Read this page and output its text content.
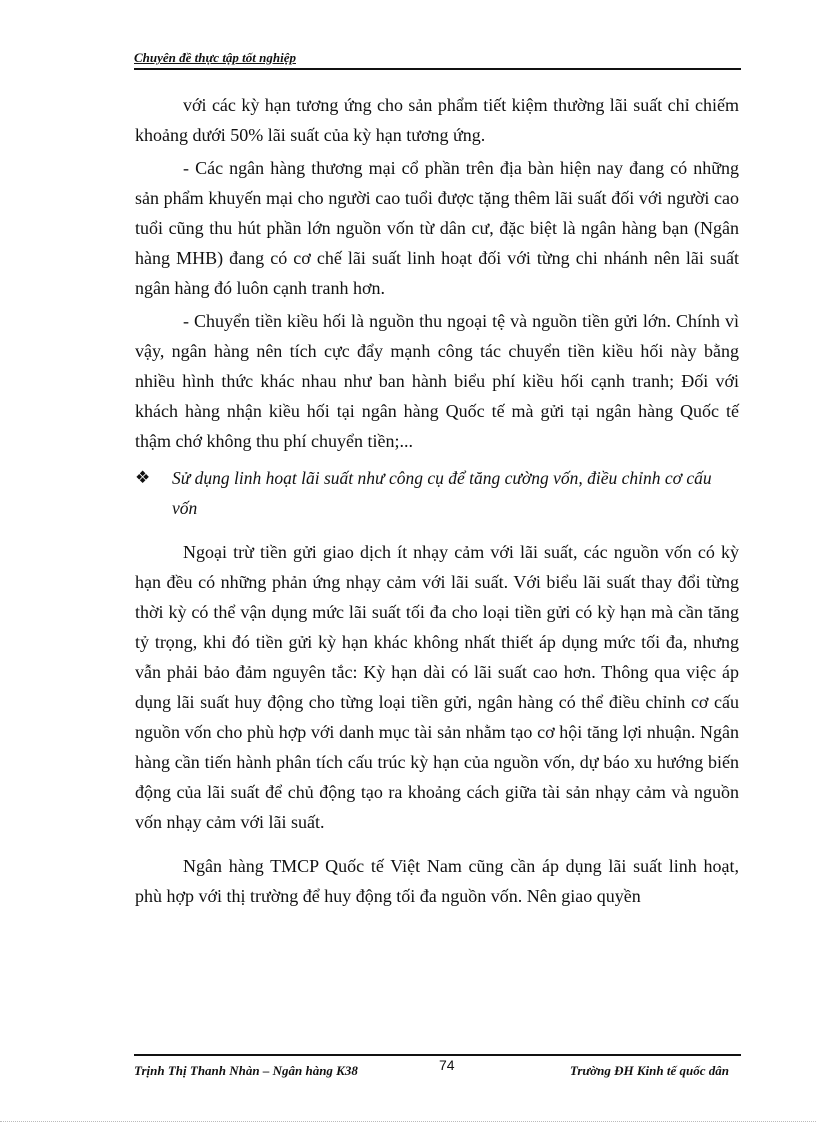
Chuyên đề thực tập tốt nghiệp

với các kỳ hạn tương ứng cho sản phẩm tiết kiệm thường lãi suất chỉ chiếm khoảng dưới 50% lãi suất của kỳ hạn tương ứng.

- Các ngân hàng thương mại cổ phần trên địa bàn hiện nay đang có những sản phẩm khuyến mại cho người cao tuổi được tặng thêm lãi suất đối với người cao tuổi cũng thu hút phần lớn nguồn vốn từ dân cư, đặc biệt là ngân hàng bạn (Ngân hàng MHB) đang có cơ chế lãi suất linh hoạt đối với từng chi nhánh nên lãi suất ngân hàng đó luôn cạnh tranh hơn.

- Chuyển tiền kiều hối là nguồn thu ngoại tệ và nguồn tiền gửi lớn. Chính vì vậy, ngân hàng nên tích cực đẩy mạnh công tác chuyển tiền kiều hối này bằng nhiều hình thức khác nhau như ban hành biểu phí kiều hối cạnh tranh; Đối với khách hàng nhận kiều hối tại ngân hàng Quốc tế mà gửi tại ngân hàng Quốc tế thậm chớ không thu phí chuyển tiền;...

❖ Sử dụng linh hoạt lãi suất như công cụ để tăng cường vốn, điều chỉnh cơ cấu vốn

Ngoại trừ tiền gửi giao dịch ít nhạy cảm với lãi suất, các nguồn vốn có kỳ hạn đều có những phản ứng nhạy cảm với lãi suất. Với biểu lãi suất thay đổi từng thời kỳ có thể vận dụng mức lãi suất tối đa cho loại tiền gửi có kỳ hạn mà cần tăng tỷ trọng, khi đó tiền gửi kỳ hạn khác không nhất thiết áp dụng mức tối đa, nhưng vẫn phải bảo đảm nguyên tắc: Kỳ hạn dài có lãi suất cao hơn. Thông qua việc áp dụng lãi suất huy động cho từng loại tiền gửi, ngân hàng có thể điều chỉnh cơ cấu nguồn vốn cho phù hợp với danh mục tài sản nhằm tạo cơ hội tăng lợi nhuận. Ngân hàng cần tiến hành phân tích cấu trúc kỳ hạn của nguồn vốn, dự báo xu hướng biến động của lãi suất để chủ động tạo ra khoảng cách giữa tài sản nhạy cảm và nguồn vốn nhạy cảm với lãi suất.

Ngân hàng TMCP Quốc tế Việt Nam cũng cần áp dụng lãi suất linh hoạt, phù hợp với thị trường để huy động tối đa nguồn vốn. Nên giao quyền

Trịnh Thị Thanh Nhàn – Ngân hàng K38	74	Trường ĐH Kinh tế quốc dân
